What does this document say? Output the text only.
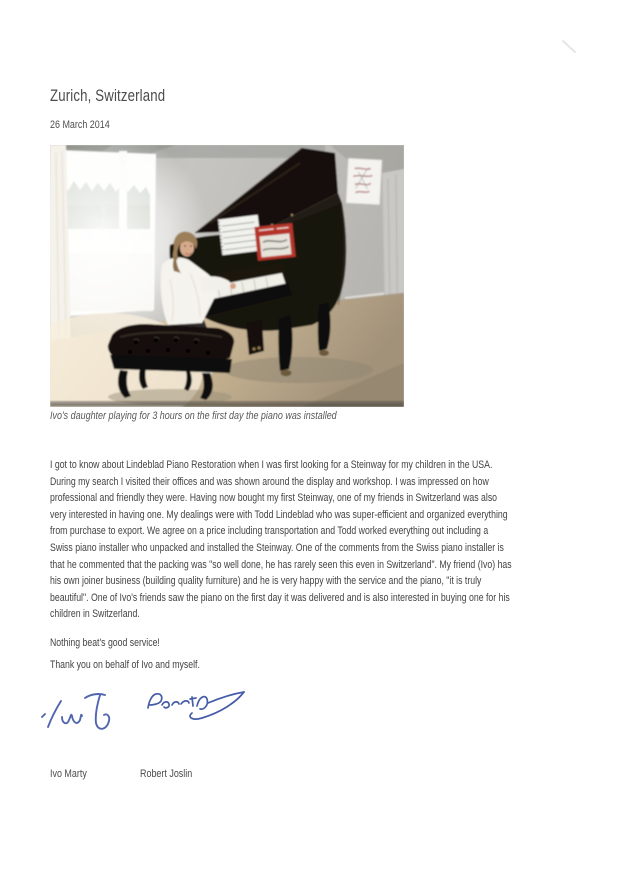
Zurich, Switzerland
26 March 2014
Ivo's daughter playing for 3 hours on the first day the piano was installed
I got to know about Lindeblad Piano Restoration when I was first looking for a Steinway for my children in the USA.
During my search I visited their offices and was shown around the display and workshop. I was impressed on how
professional and friendly they were. Having now bought my first Steinway, one of my friends in Switzerland was also
very interested in having one. My dealings were with Todd Lindeblad who was super-efficient and organized everything
from purchase to export. We agree on a price including transportation and Todd worked everything out including a
Swiss piano installer who unpacked and installed the Steinway. One of the comments from the Swiss piano installer is
that he commented that the packing was "so well done, he has rarely seen this even in Switzerland". My friend (Ivo) has
his own joiner business (building quality furniture) and he is very happy with the service and the piano, "it is truly
beautiful". One of Ivo's friends saw the piano on the first day it was delivered and is also interested in buying one for his
children in Switzerland.
Nothing beat's good service!
Thank you on behalf of Ivo and myself.
Ivo Marty	Robert Joslin
